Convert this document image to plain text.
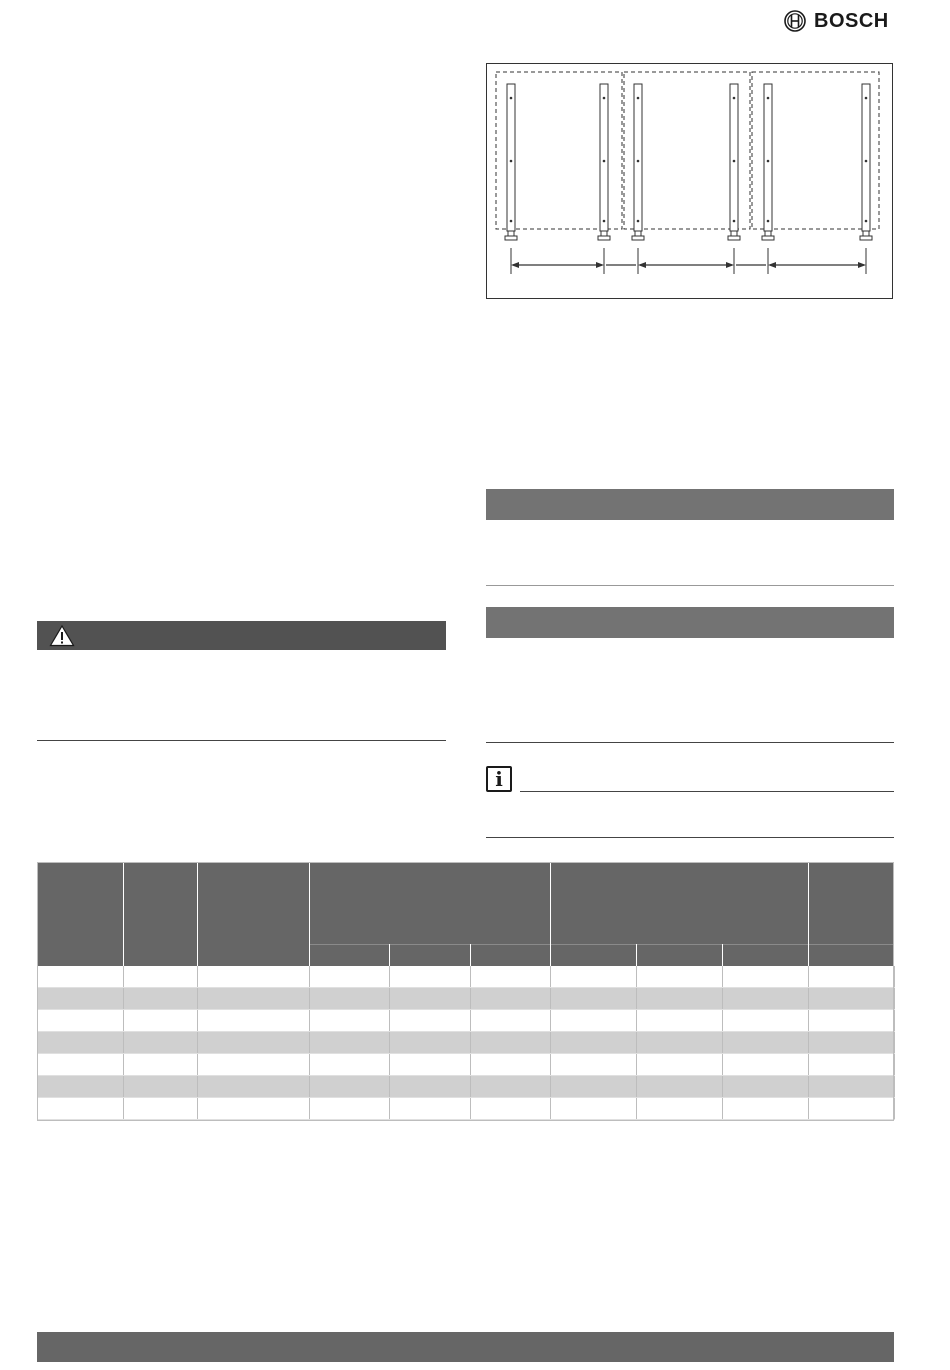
BOSCH
i
